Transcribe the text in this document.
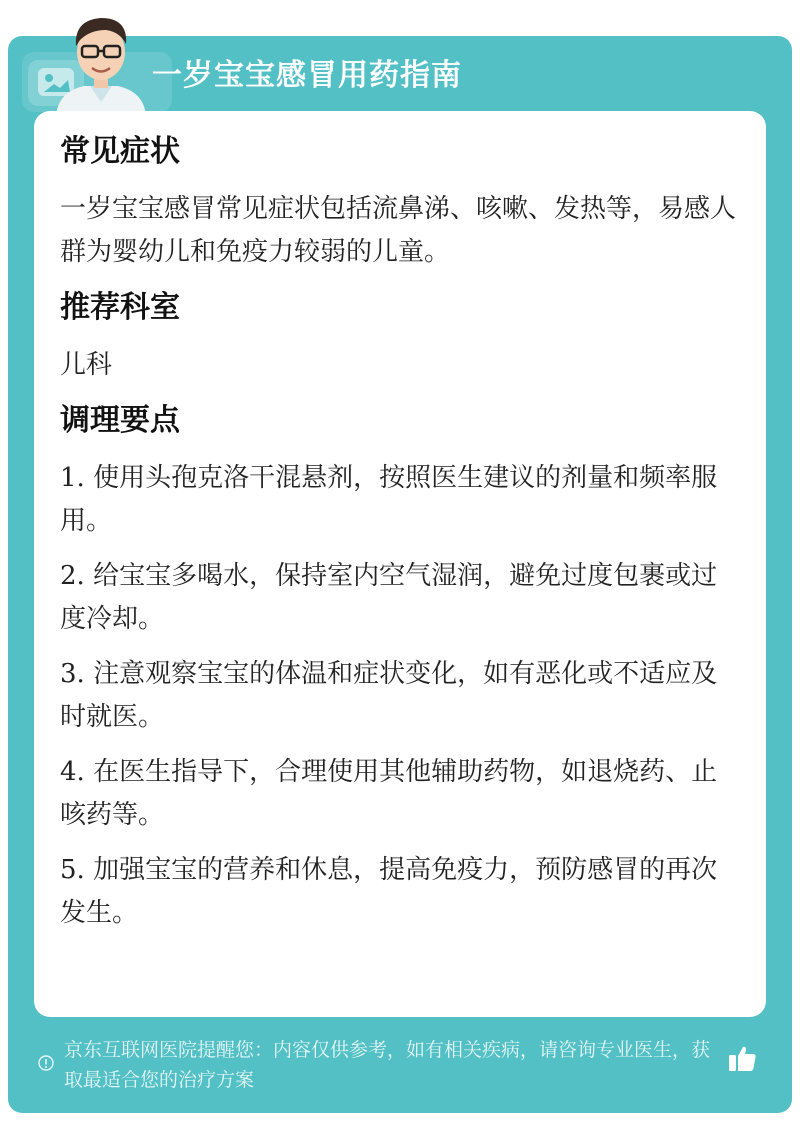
一岁宝宝感冒用药指南

常见症状

一岁宝宝感冒常见症状包括流鼻涕、咳嗽、发热等，易感人群为婴幼儿和免疫力较弱的儿童。

推荐科室

儿科

调理要点

1. 使用头孢克洛干混悬剂，按照医生建议的剂量和频率服用。

2. 给宝宝多喝水，保持室内空气湿润，避免过度包裹或过度冷却。

3. 注意观察宝宝的体温和症状变化，如有恶化或不适应及时就医。

4. 在医生指导下，合理使用其他辅助药物，如退烧药、止咳药等。

5. 加强宝宝的营养和休息，提高免疫力，预防感冒的再次发生。

京东互联网医院提醒您：内容仅供参考，如有相关疾病，请咨询专业医生，获取最适合您的治疗方案
